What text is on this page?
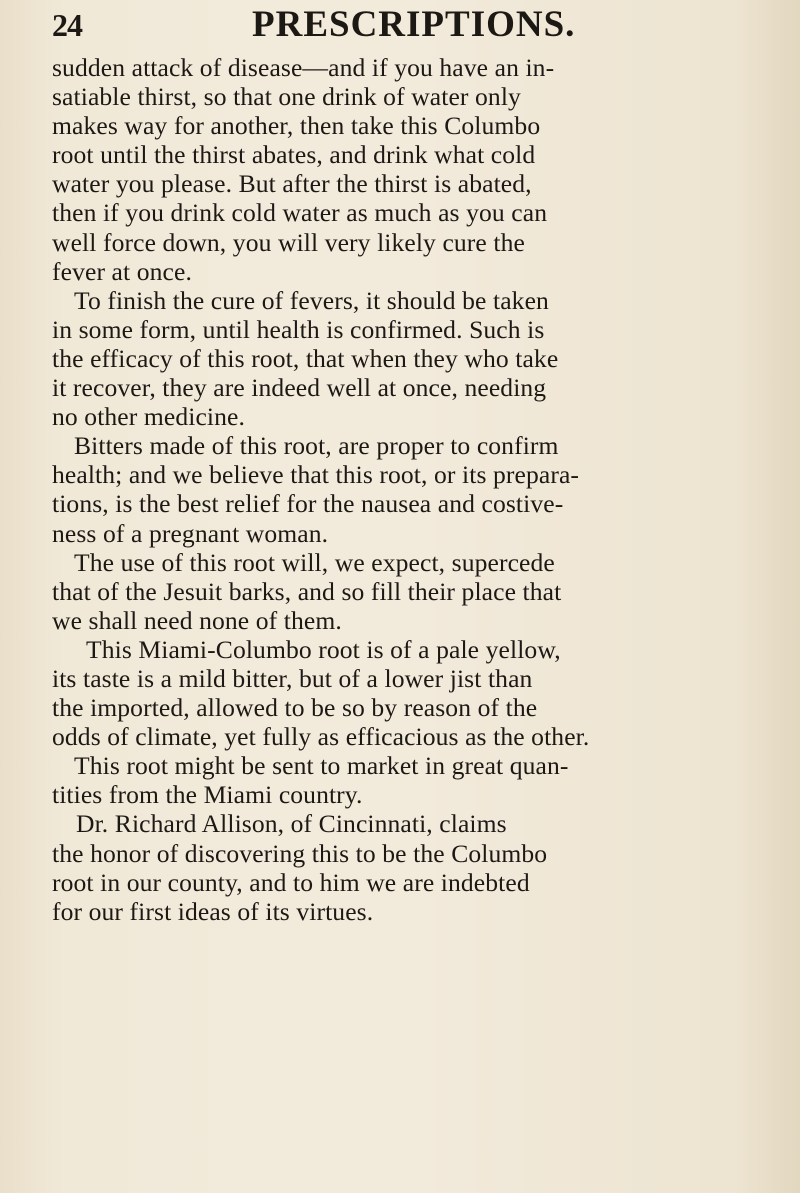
24	PRESCRIPTIONS.
sudden attack of disease—and if you have an in-
satiable thirst, so that one drink of water only
makes way for another, then take this Columbo
root until the thirst abates, and drink what cold
water you please. But after the thirst is abated,
then if you drink cold water as much as you can
well force down, you will very likely cure the
fever at once.
To finish the cure of fevers, it should be taken
in some form, until health is confirmed. Such is
the efficacy of this root, that when they who take
it recover, they are indeed well at once, needing
no other medicine.
Bitters made of this root, are proper to confirm
health; and we believe that this root, or its prepara-
tions, is the best relief for the nausea and costive-
ness of a pregnant woman.
The use of this root will, we expect, supercede
that of the Jesuit barks, and so fill their place that
we shall need none of them.
This Miami-Columbo root is of a pale yellow,
its taste is a mild bitter, but of a lower jist than
the imported, allowed to be so by reason of the
odds of climate, yet fully as efficacious as the other.
This root might be sent to market in great quan-
tities from the Miami country.
Dr. Richard Allison, of Cincinnati, claims
the honor of discovering this to be the Columbo
root in our county, and to him we are indebted
for our first ideas of its virtues.
